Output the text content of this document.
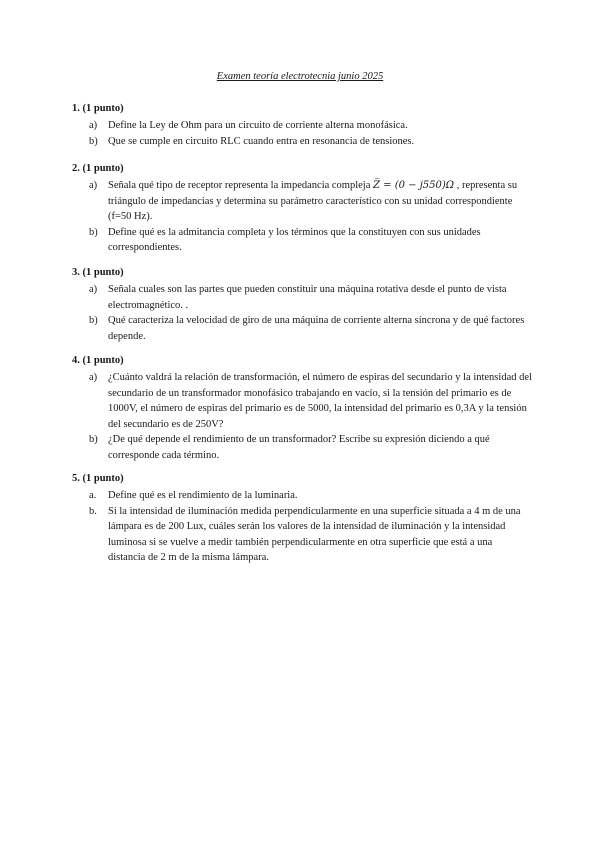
Examen teoría electrotecnia junio 2025
1. (1 punto)
a) Define la Ley de Ohm para un circuito de corriente alterna monofásica.
b) Que se cumple en circuito RLC cuando entra en resonancia de tensiones.
2. (1 punto)
a) Señala qué tipo de receptor representa la impedancia compleja Z̅ = (0 − j550)Ω , representa su triángulo de impedancias y determina su parámetro característico con su unidad correspondiente (f=50 Hz).
b) Define qué es la admitancia completa y los términos que la constituyen con sus unidades correspondientes.
3. (1 punto)
a) Señala cuales son las partes que pueden constituir una máquina rotativa desde el punto de vista electromagnético. .
b) Qué caracteriza la velocidad de giro de una máquina de corriente alterna síncrona y de qué factores depende.
4. (1 punto)
a) ¿Cuánto valdrá la relación de transformación, el número de espiras del secundario y la intensidad del secundario de un transformador monofásico trabajando en vacío, si la tensión del primario es de 1000V, el número de espiras del primario es de 5000, la intensidad del primario es 0,3A y la tensión del secundario es de 250V?
b) ¿De qué depende el rendimiento de un transformador? Escribe su expresión diciendo a qué corresponde cada término.
5. (1 punto)
a. Define qué es el rendimiento de la luminaria.
b. Si la intensidad de iluminación medida perpendicularmente en una superficie situada a 4 m de una lámpara es de 200 Lux, cuáles serán los valores de la intensidad de iluminación y la intensidad luminosa si se vuelve a medir también perpendicularmente en otra superficie que está a una distancia de 2 m de la misma lámpara.
